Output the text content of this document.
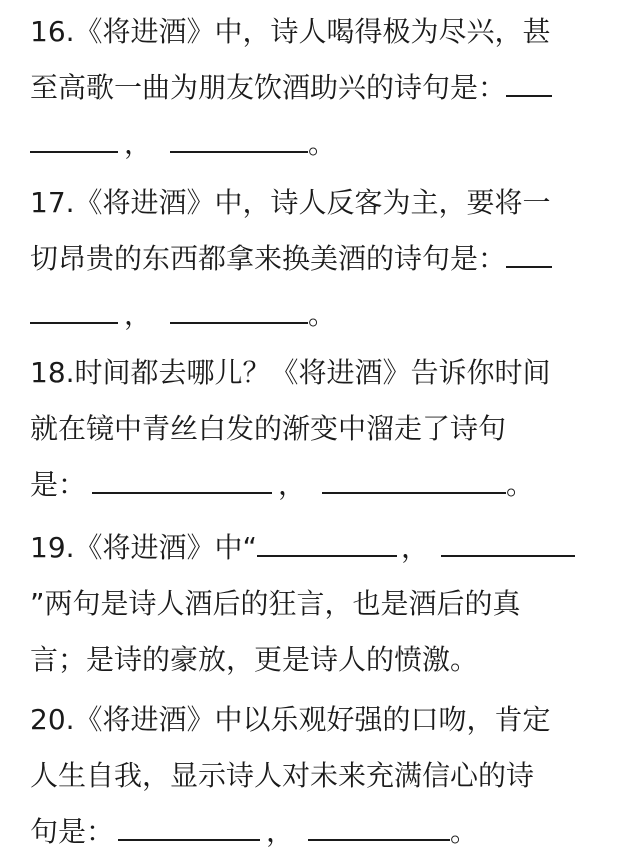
16.《将进酒》中，诗人喝得极为尽兴，甚
至高歌一曲为朋友饮酒助兴的诗句是：
，	。
17.《将进酒》中，诗人反客为主，要将一
切昂贵的东西都拿来换美酒的诗句是：
，	。
18.时间都去哪儿？《将进酒》告诉你时间
就在镜中青丝白发的渐变中溜走了诗句
是：	，	。
19.《将进酒》中“	，
”两句是诗人酒后的狂言，也是酒后的真
言；是诗的豪放，更是诗人的愤激。
20.《将进酒》中以乐观好强的口吻，肯定
人生自我，显示诗人对未来充满信心的诗
句是：	，	。
